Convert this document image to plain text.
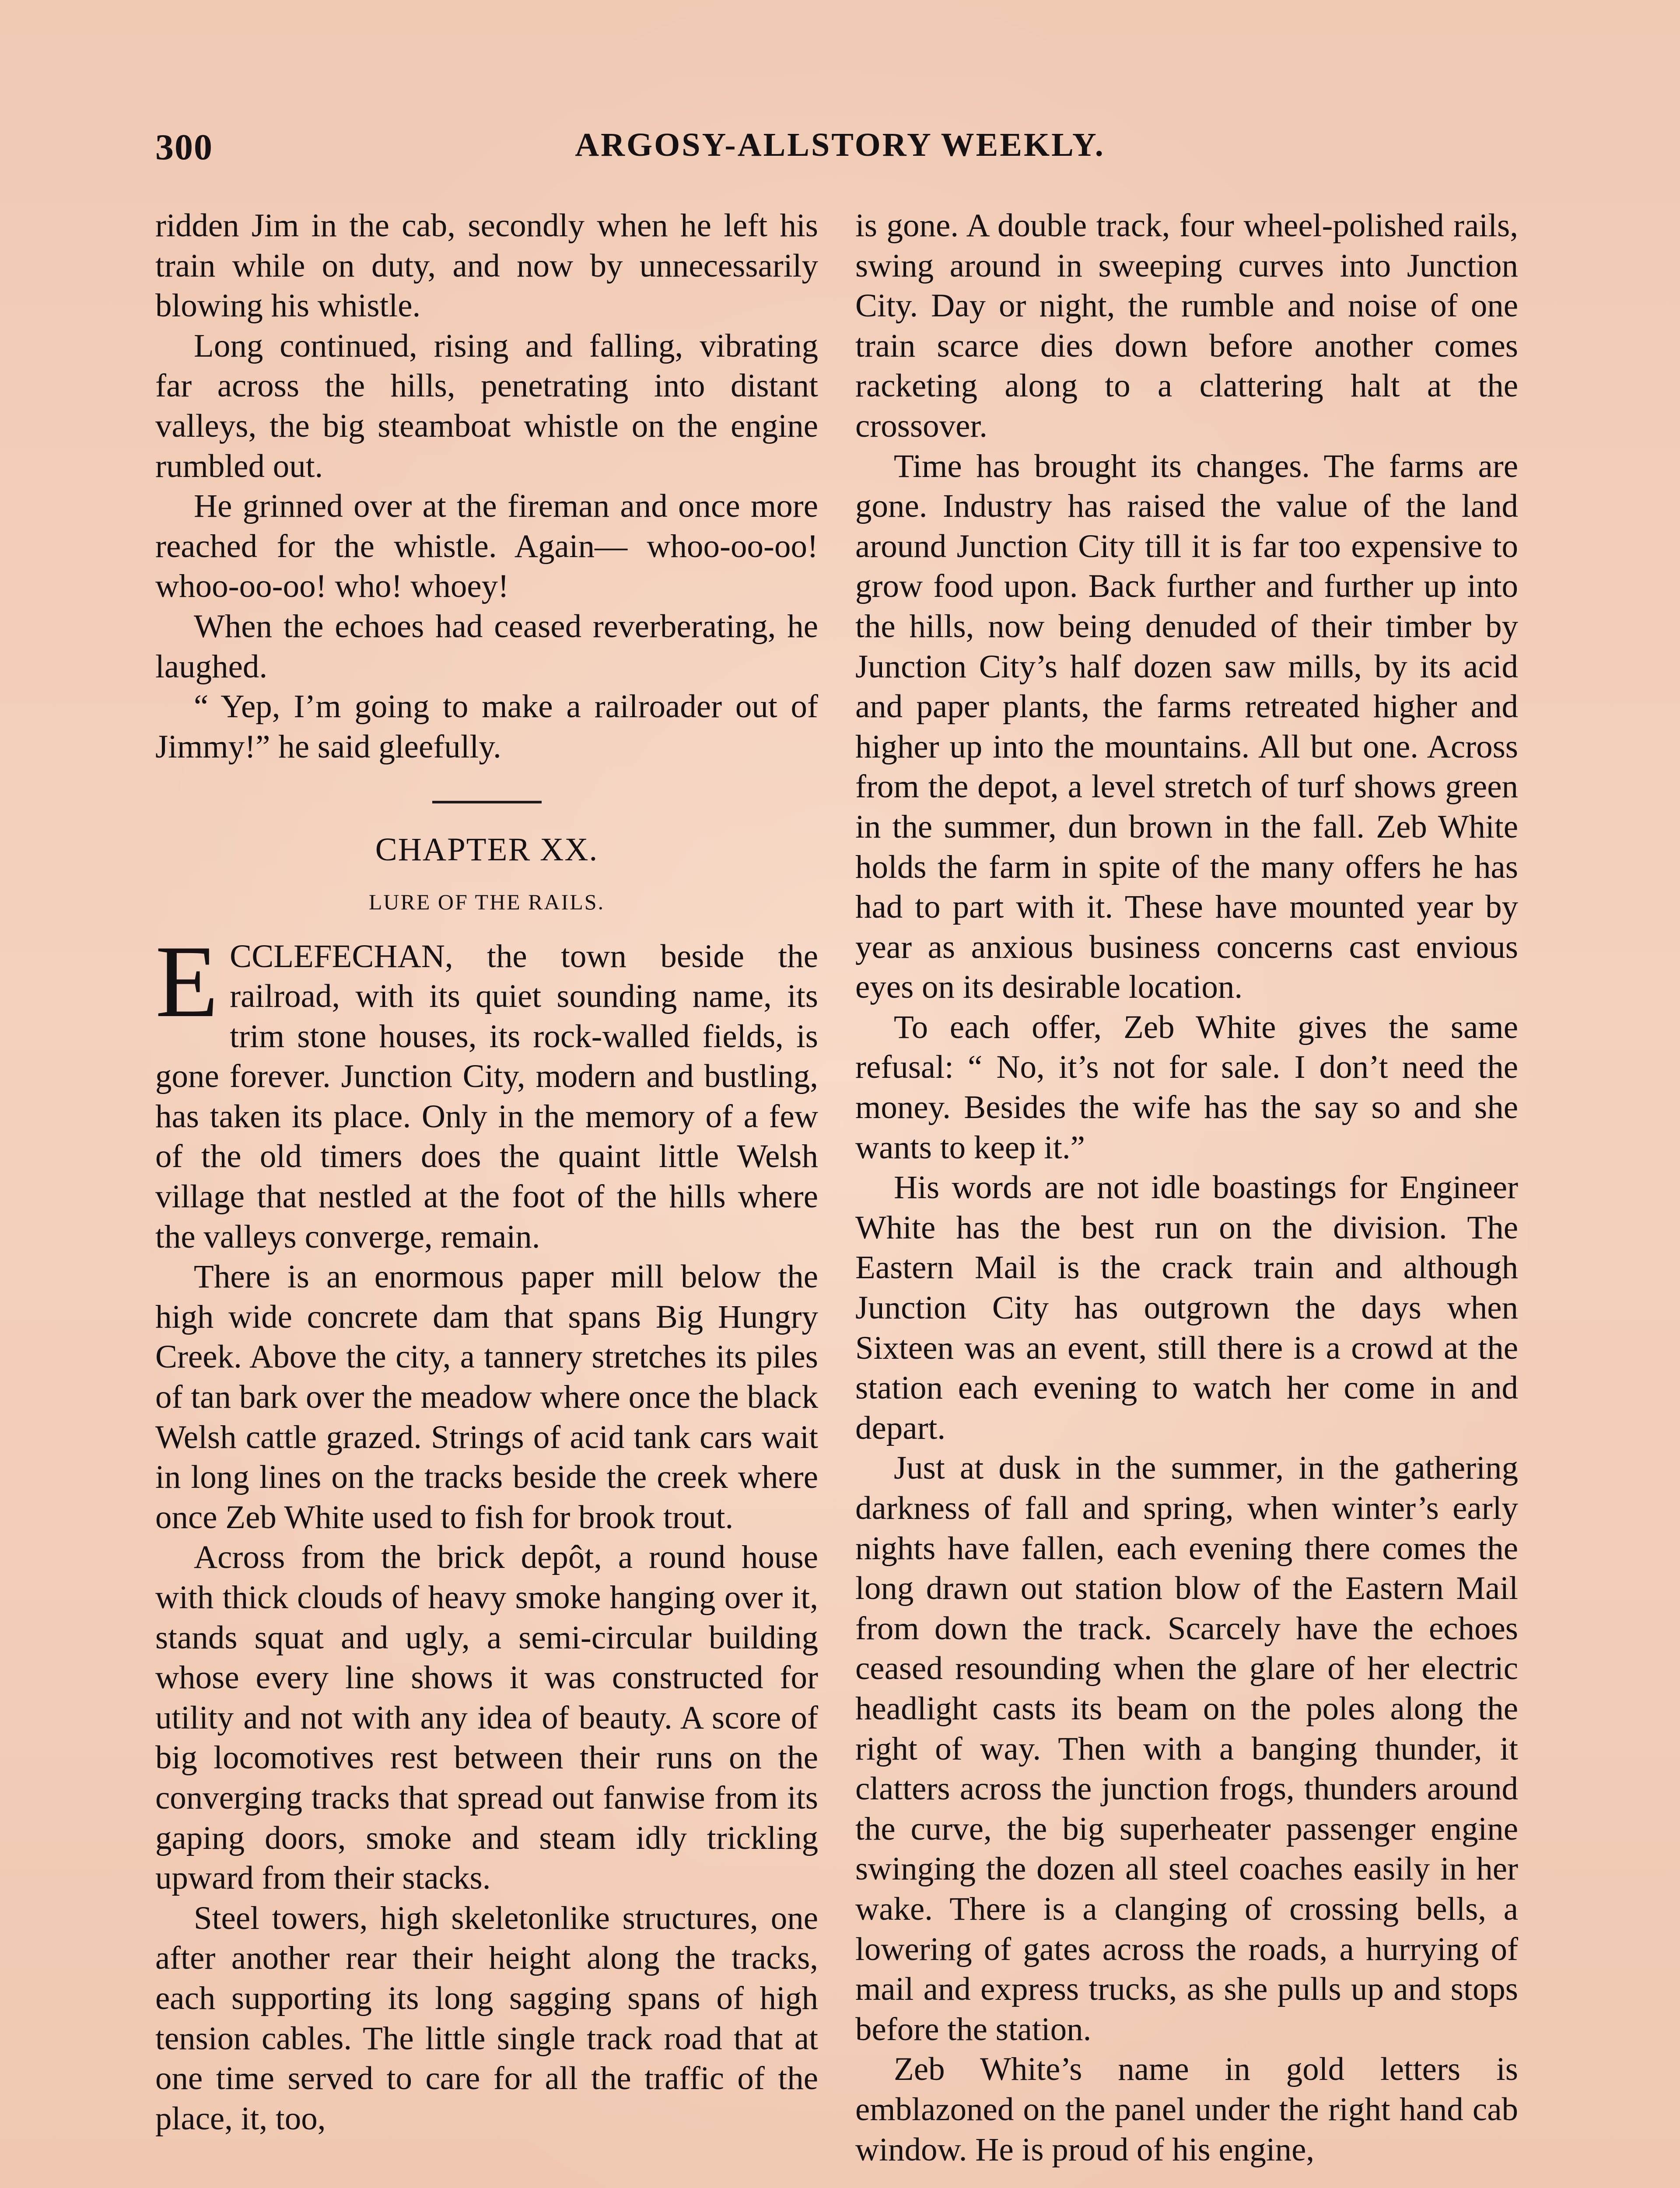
300	ARGOSY-ALLSTORY WEEKLY.

ridden Jim in the cab, secondly when he left his train while on duty, and now by unnecessarily blowing his whistle.

Long continued, rising and falling, vibrating far across the hills, penetrating into distant valleys, the big steamboat whistle on the engine rumbled out.

He grinned over at the fireman and once more reached for the whistle. Again— whoo-oo-oo! whoo-oo-oo! who! whoey!

When the echoes had ceased reverberating, he laughed.

“ Yep, I’m going to make a railroader out of Jimmy!” he said gleefully.

CHAPTER XX.
LURE OF THE RAILS.

ECCLEFECHAN, the town beside the railroad, with its quiet sounding name, its trim stone houses, its rock-walled fields, is gone forever. Junction City, modern and bustling, has taken its place. Only in the memory of a few of the old timers does the quaint little Welsh village that nestled at the foot of the hills where the valleys converge, remain.

There is an enormous paper mill below the high wide concrete dam that spans Big Hungry Creek. Above the city, a tannery stretches its piles of tan bark over the meadow where once the black Welsh cattle grazed. Strings of acid tank cars wait in long lines on the tracks beside the creek where once Zeb White used to fish for brook trout.

Across from the brick depôt, a round house with thick clouds of heavy smoke hanging over it, stands squat and ugly, a semi-circular building whose every line shows it was constructed for utility and not with any idea of beauty. A score of big locomotives rest between their runs on the converging tracks that spread out fanwise from its gaping doors, smoke and steam idly trickling upward from their stacks.

Steel towers, high skeletonlike structures, one after another rear their height along the tracks, each supporting its long sagging spans of high tension cables. The little single track road that at one time served to care for all the traffic of the place, it, too,

is gone. A double track, four wheel-polished rails, swing around in sweeping curves into Junction City. Day or night, the rumble and noise of one train scarce dies down before another comes racketing along to a clattering halt at the crossover.

Time has brought its changes. The farms are gone. Industry has raised the value of the land around Junction City till it is far too expensive to grow food upon. Back further and further up into the hills, now being denuded of their timber by Junction City’s half dozen saw mills, by its acid and paper plants, the farms retreated higher and higher up into the mountains. All but one. Across from the depot, a level stretch of turf shows green in the summer, dun brown in the fall. Zeb White holds the farm in spite of the many offers he has had to part with it. These have mounted year by year as anxious business concerns cast envious eyes on its desirable location.

To each offer, Zeb White gives the same refusal: “ No, it’s not for sale. I don’t need the money. Besides the wife has the say so and she wants to keep it.”

His words are not idle boastings for Engineer White has the best run on the division. The Eastern Mail is the crack train and although Junction City has outgrown the days when Sixteen was an event, still there is a crowd at the station each evening to watch her come in and depart.

Just at dusk in the summer, in the gathering darkness of fall and spring, when winter’s early nights have fallen, each evening there comes the long drawn out station blow of the Eastern Mail from down the track. Scarcely have the echoes ceased resounding when the glare of her electric headlight casts its beam on the poles along the right of way. Then with a banging thunder, it clatters across the junction frogs, thunders around the curve, the big superheater passenger engine swinging the dozen all steel coaches easily in her wake. There is a clanging of crossing bells, a lowering of gates across the roads, a hurrying of mail and express trucks, as she pulls up and stops before the station.

Zeb White’s name in gold letters is emblazoned on the panel under the right hand cab window. He is proud of his engine,
